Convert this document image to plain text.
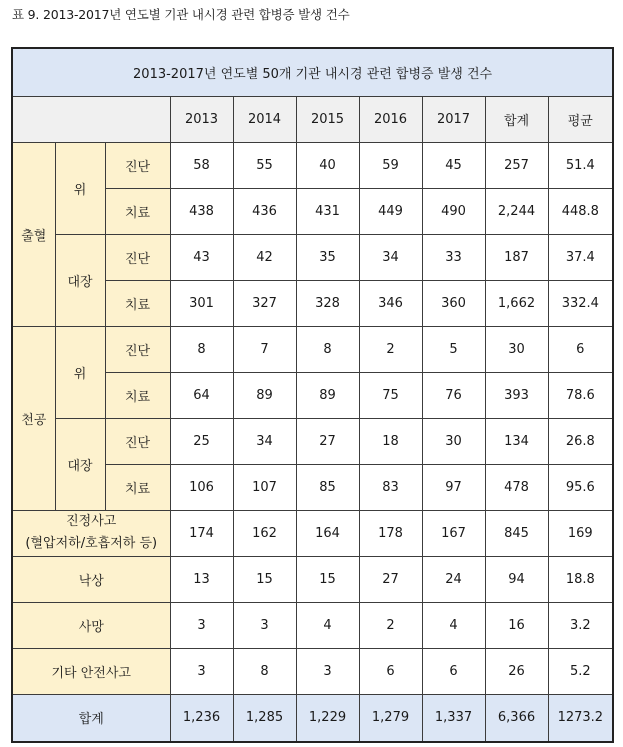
표 9. 2013-2017년 연도별 기관 내시경 관련 합병증 발생 건수
2013-2017년 연도별 50개 기관 내시경 관련 합병증 발생 건수									
			2013	2014	2015	2016	2017	합계	평균
출혈	위	진단	58	55	40	59	45	257	51.4
		치료	438	436	431	449	490	2,244	448.8
	대장	진단	43	42	35	34	33	187	37.4
		치료	301	327	328	346	360	1,662	332.4
천공	위	진단	8	7	8	2	5	30	6
		치료	64	89	89	75	76	393	78.6
	대장	진단	25	34	27	18	30	134	26.8
		치료	106	107	85	83	97	478	95.6

진정사고
(혈압저하/호흡저하 등)			174	162	164	178	167	845	169
낙상			13	15	15	27	24	94	18.8
사망			3	3	4	2	4	16	3.2
기타 안전사고			3	8	3	6	6	26	5.2
합계			1,236	1,285	1,229	1,279	1,337	6,366	1273.2
